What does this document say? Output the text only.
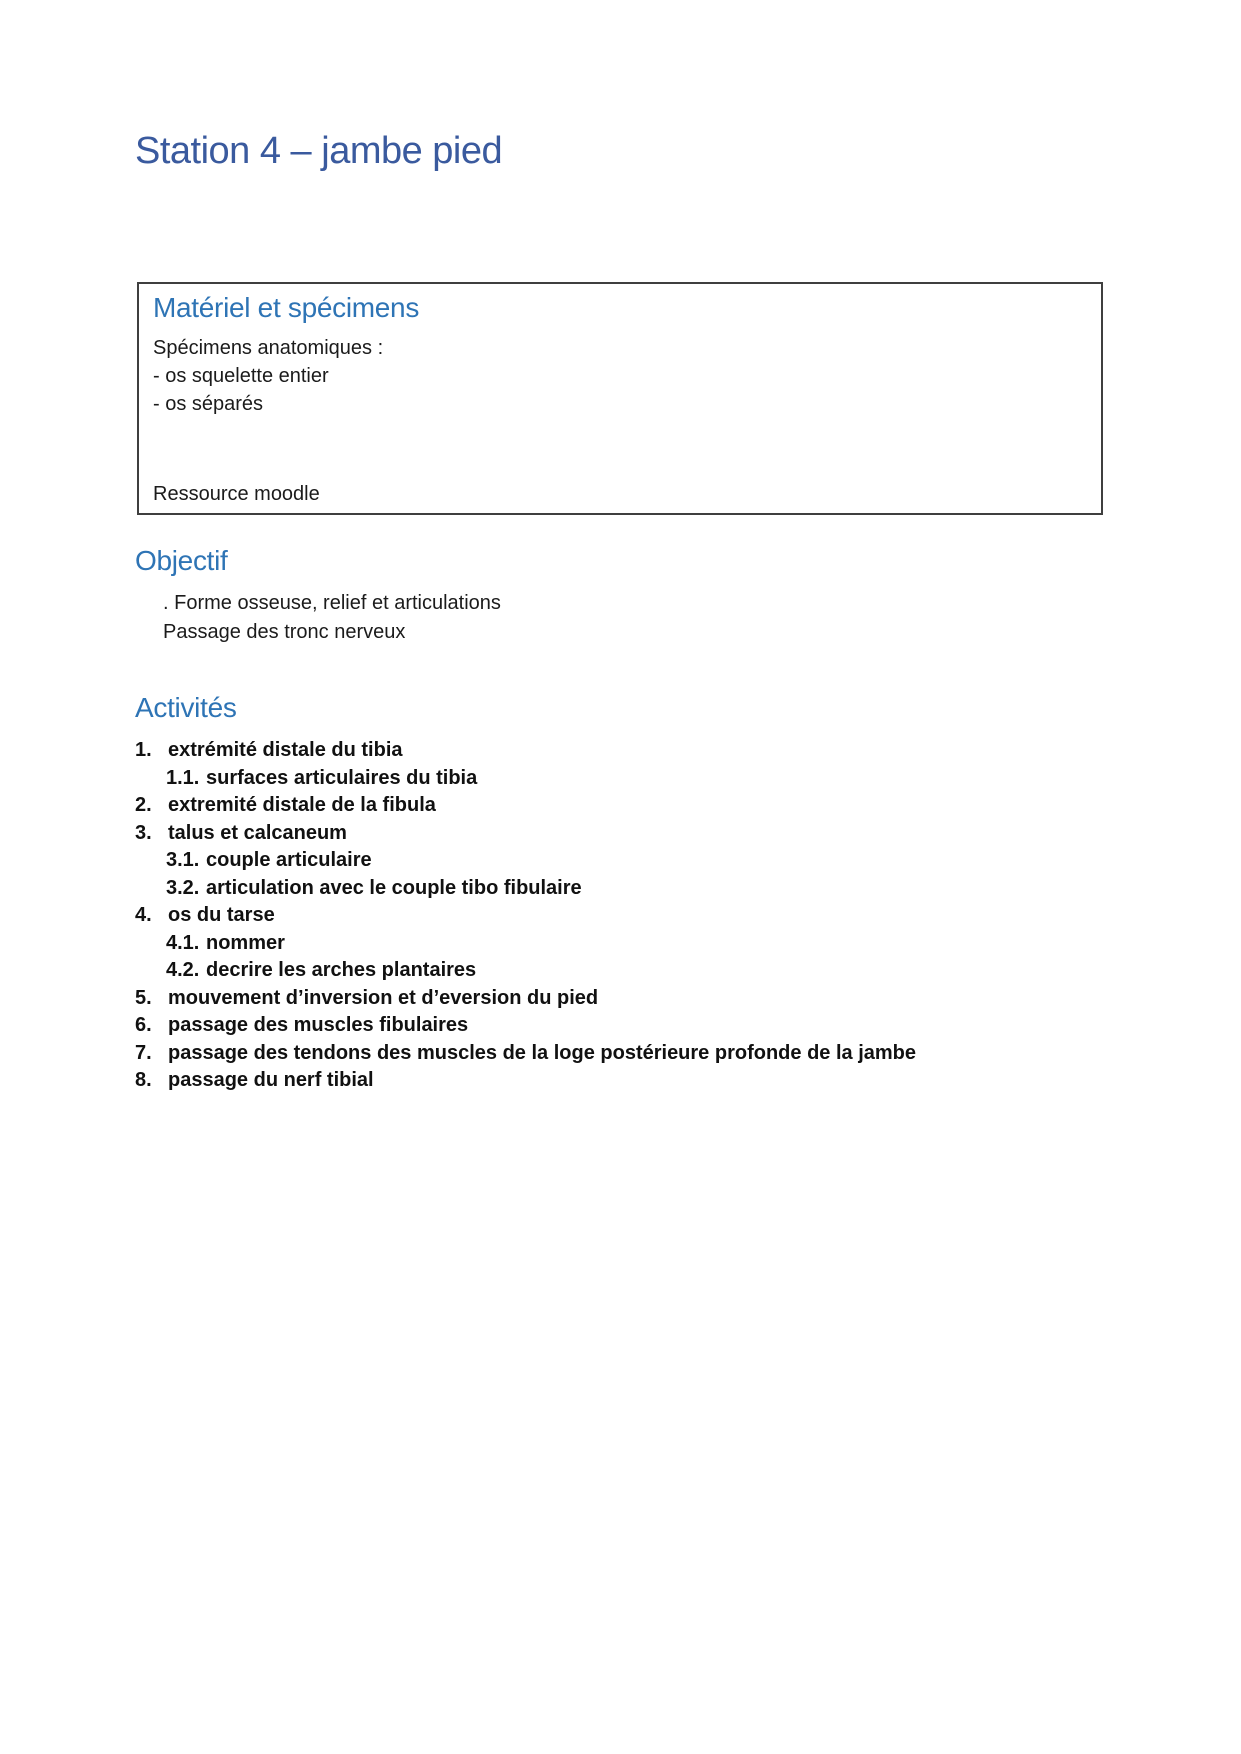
Station 4 – jambe pied
Matériel et spécimens

Spécimens anatomiques :

- os squelette entier

- os séparés

Ressource moodle

Objectif

. Forme osseuse, relief et articulations

Passage des tronc nerveux

Activités
1. extrémité distale du tibia
1.1. surfaces articulaires du tibia
2. extremité distale de la fibula
3. talus et calcaneum
3.1. couple articulaire
3.2. articulation avec le couple tibo fibulaire
4. os du tarse
4.1. nommer
4.2. decrire les arches plantaires
5. mouvement d’inversion et d’eversion du pied
6. passage des muscles fibulaires
7. passage des tendons des muscles de la loge postérieure profonde de la jambe
8. passage du nerf tibial
